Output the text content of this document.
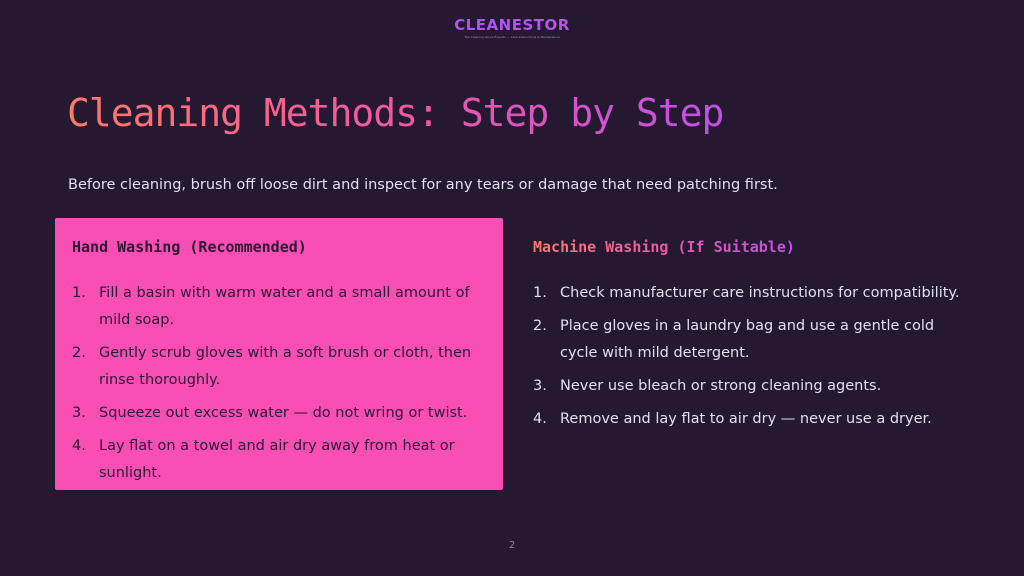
CLEANESTOR
The Cleaning Glove Experts — Care Instructions & Maintenance
Cleaning Methods: Step by Step

Before cleaning, brush off loose dirt and inspect for any tears or damage that need patching first.

Hand Washing (Recommended)
1. Fill a basin with warm water and a small amount of mild soap.
2. Gently scrub gloves with a soft brush or cloth, then rinse thoroughly.
3. Squeeze out excess water — do not wring or twist.
4. Lay flat on a towel and air dry away from heat or sunlight.
Machine Washing (If Suitable)
1. Check manufacturer care instructions for compatibility.
2. Place gloves in a laundry bag and use a gentle cold cycle with mild detergent.
3. Never use bleach or strong cleaning agents.
4. Remove and lay flat to air dry — never use a dryer.
2
